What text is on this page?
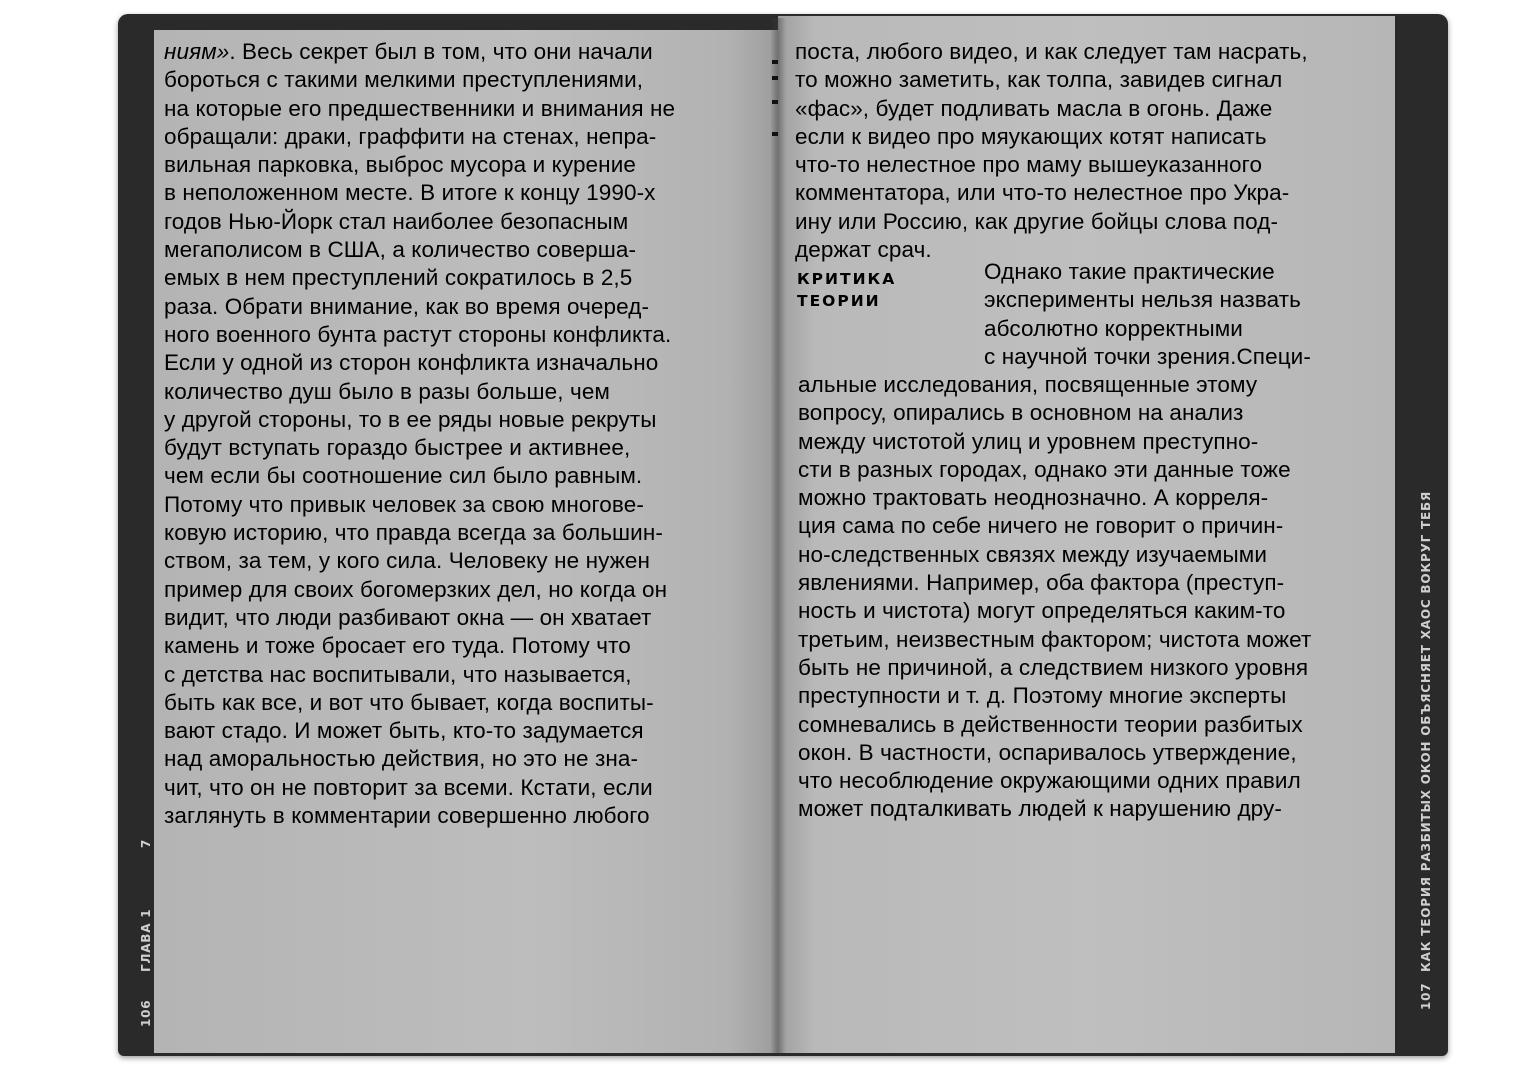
106
ГЛАВА 1
7
107
КАК ТЕОРИЯ РАЗБИТЫХ ОКОН ОБЪЯСНЯЕТ ХАОС ВОКРУГ ТЕБЯ
ниям». Весь секрет был в том, что они начали
бороться с такими мелкими преступлениями,
на которые его предшественники и внимания не
обращали: драки, граффити на стенах, непра-
вильная парковка, выброс мусора и курение
в неположенном месте. В итоге к концу 1990-х
годов Нью-Йорк стал наиболее безопасным
мегаполисом в США, а количество соверша-
емых в нем преступлений сократилось в 2,5
раза. Обрати внимание, как во время очеред-
ного военного бунта растут стороны конфликта.
Если у одной из сторон конфликта изначально
количество душ было в разы больше, чем
у другой стороны, то в ее ряды новые рекруты
будут вступать гораздо быстрее и активнее,
чем если бы соотношение сил было равным.
Потому что привык человек за свою многове-
ковую историю, что правда всегда за большин-
ством, за тем, у кого сила. Человеку не нужен
пример для своих богомерзких дел, но когда он
видит, что люди разбивают окна — он хватает
камень и тоже бросает его туда. Потому что
с детства нас воспитывали, что называется,
быть как все, и вот что бывает, когда воспиты-
вают стадо. И может быть, кто-то задумается
над аморальностью действия, но это не зна-
чит, что он не повторит за всеми. Кстати, если
заглянуть в комментарии совершенно любого
поста, любого видео, и как следует там насрать,
то можно заметить, как толпа, завидев сигнал
«фас», будет подливать масла в огонь. Даже
если к видео про мяукающих котят написать
что-то нелестное про маму вышеуказанного
комментатора, или что-то нелестное про Укра-
ину или Россию, как другие бойцы слова под-
держат срач.
КРИТИКА
ТЕОРИИ
Однако такие практические
эксперименты нельзя назвать
абсолютно корректными
с научной точки зрения.Специ-
альные исследования, посвященные этому
вопросу, опирались в основном на анализ
между чистотой улиц и уровнем преступно-
сти в разных городах, однако эти данные тоже
можно трактовать неоднозначно. А корреля-
ция сама по себе ничего не говорит о причин-
но-следственных связях между изучаемыми
явлениями. Например, оба фактора (преступ-
ность и чистота) могут определяться каким-то
третьим, неизвестным фактором; чистота может
быть не причиной, а следствием низкого уровня
преступности и т. д. Поэтому многие эксперты
сомневались в действенности теории разбитых
окон. В частности, оспаривалось утверждение,
что несоблюдение окружающими одних правил
может подталкивать людей к нарушению дру-
